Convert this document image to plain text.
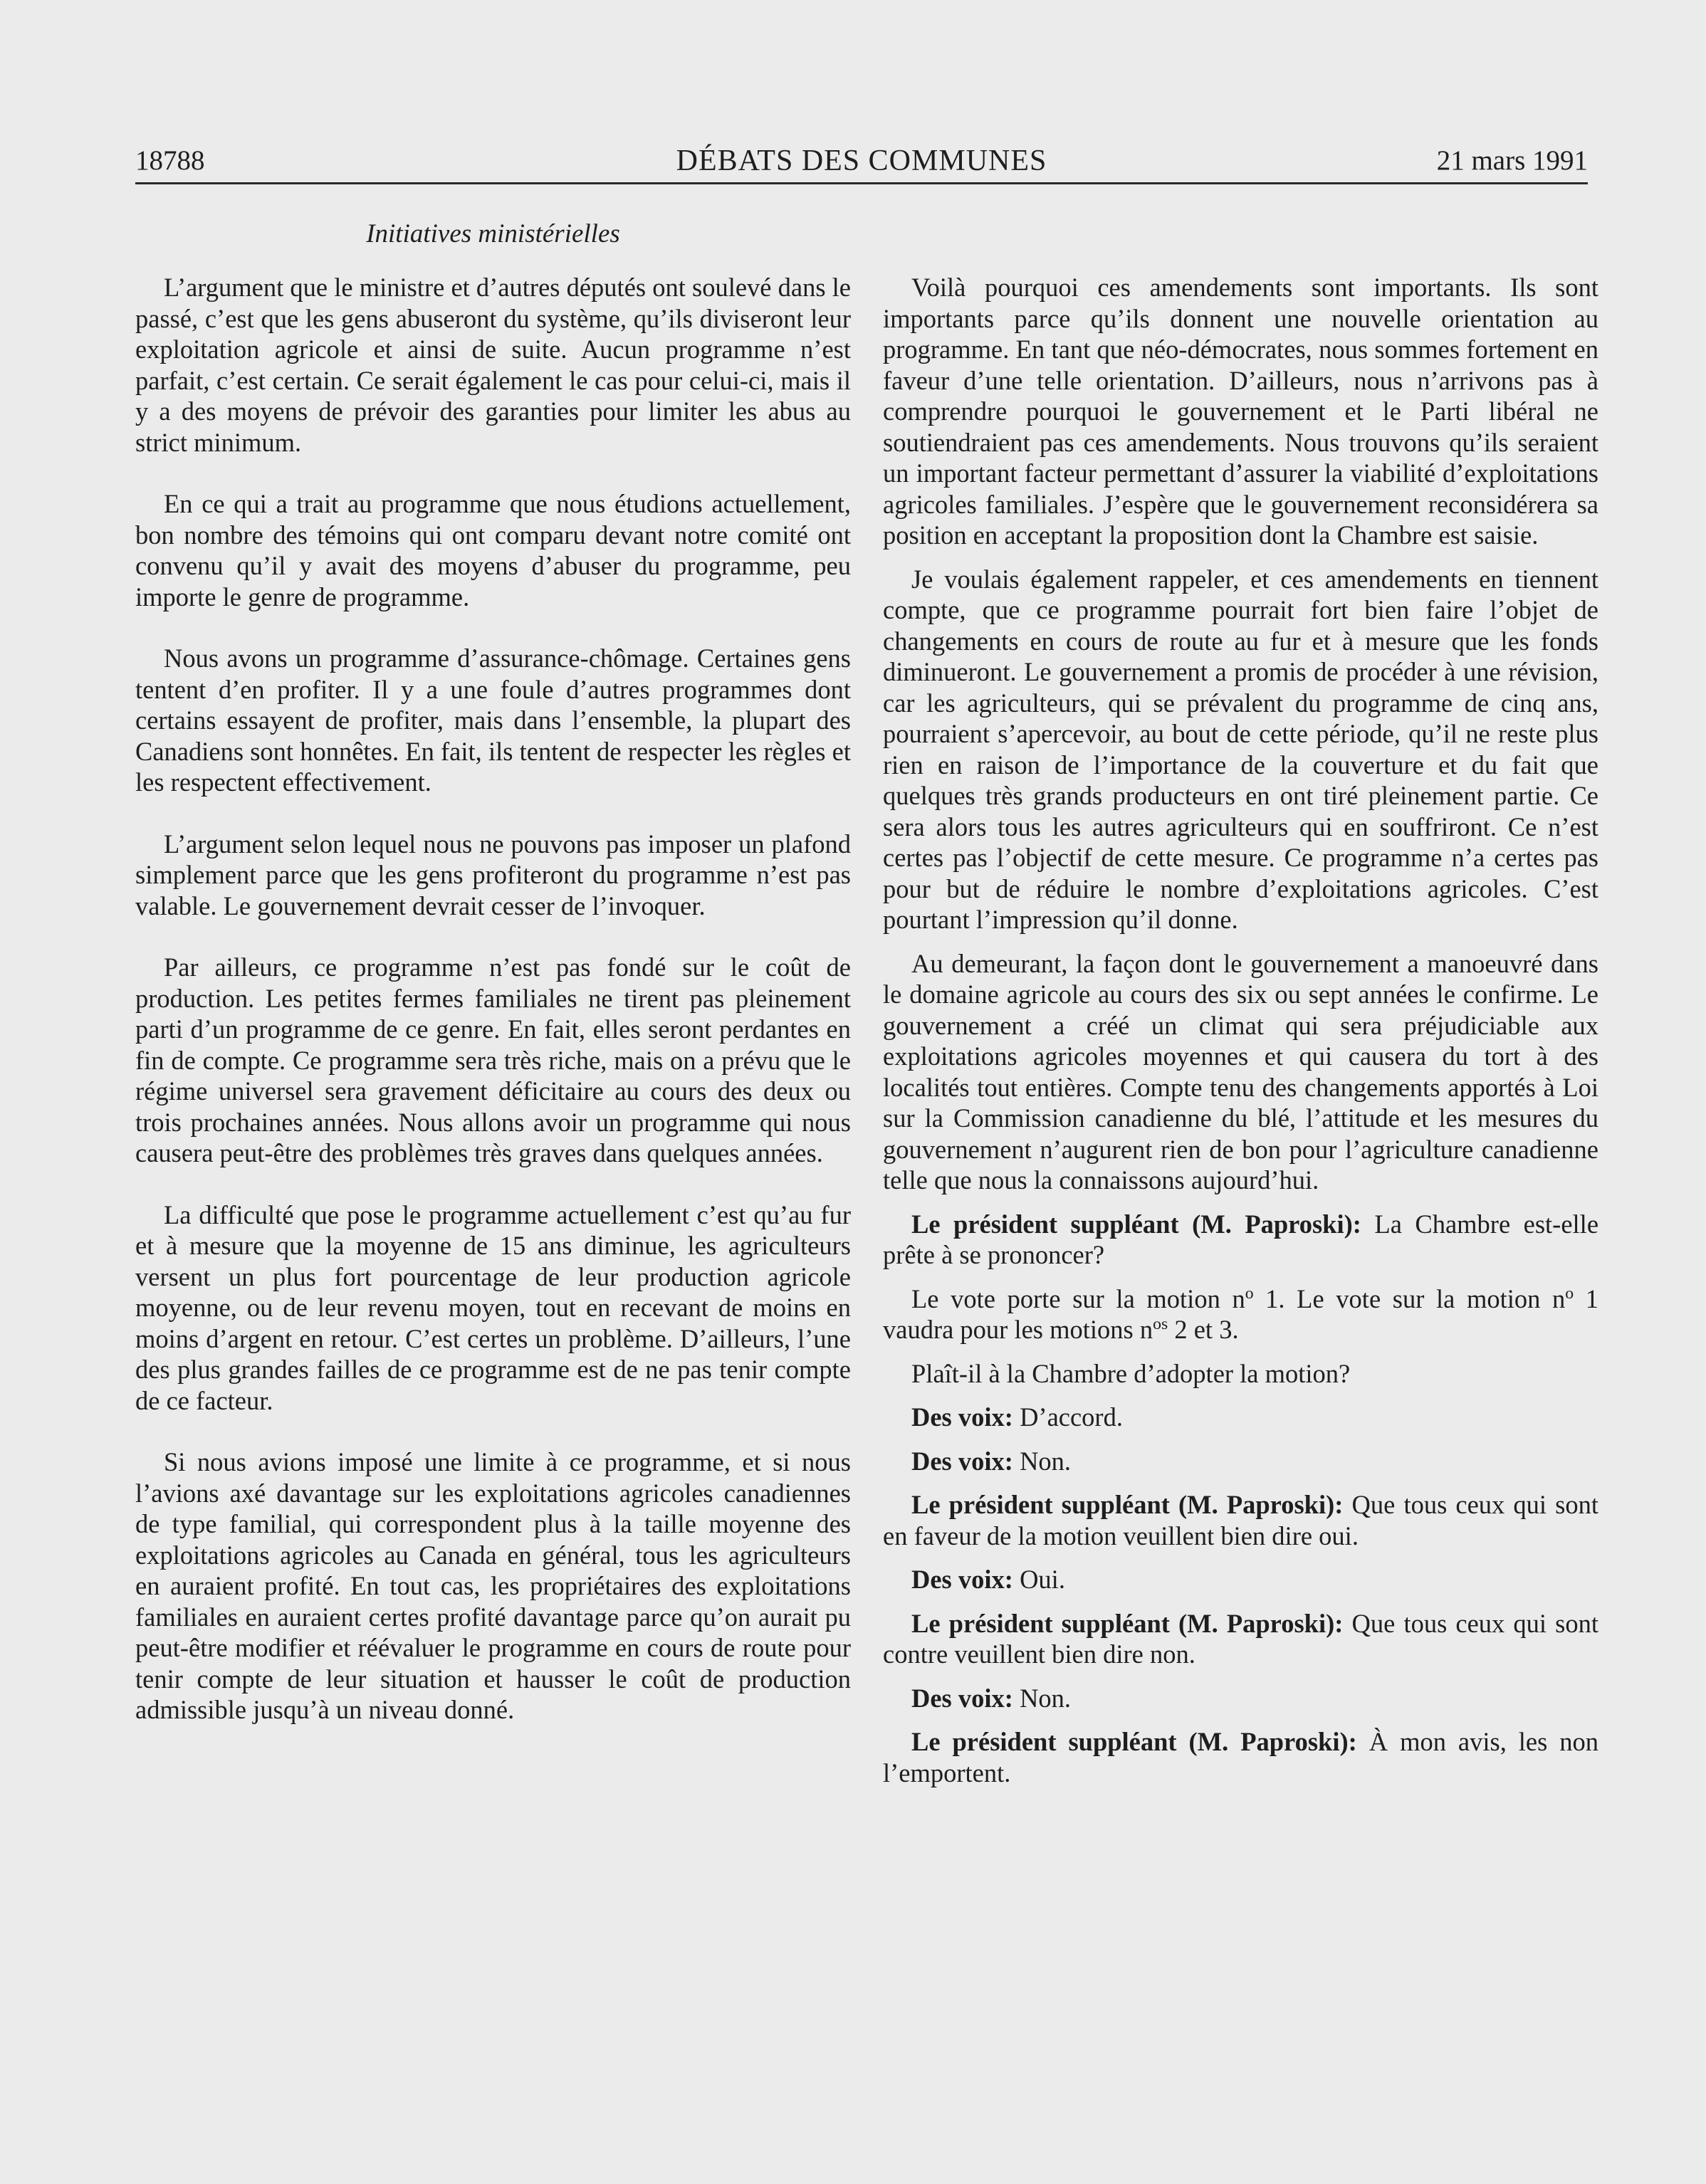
18788	DÉBATS DES COMMUNES	21 mars 1991
Initiatives ministérielles

L’argument que le ministre et d’autres députés ont soulevé dans le passé, c’est que les gens abuseront du système, qu’ils diviseront leur exploitation agricole et ainsi de suite. Aucun programme n’est parfait, c’est certain. Ce serait également le cas pour celui-ci, mais il y a des moyens de prévoir des garanties pour limiter les abus au strict minimum.

En ce qui a trait au programme que nous étudions actuellement, bon nombre des témoins qui ont comparu devant notre comité ont convenu qu’il y avait des moyens d’abuser du programme, peu importe le genre de programme.

Nous avons un programme d’assurance-chômage. Certaines gens tentent d’en profiter. Il y a une foule d’autres programmes dont certains essayent de profiter, mais dans l’ensemble, la plupart des Canadiens sont honnêtes. En fait, ils tentent de respecter les règles et les respectent effectivement.

L’argument selon lequel nous ne pouvons pas imposer un plafond simplement parce que les gens profiteront du programme n’est pas valable. Le gouvernement devrait cesser de l’invoquer.

Par ailleurs, ce programme n’est pas fondé sur le coût de production. Les petites fermes familiales ne tirent pas pleinement parti d’un programme de ce genre. En fait, elles seront perdantes en fin de compte. Ce programme sera très riche, mais on a prévu que le régime universel sera gravement déficitaire au cours des deux ou trois prochaines années. Nous allons avoir un programme qui nous causera peut-être des problèmes très graves dans quelques années.

La difficulté que pose le programme actuellement c’est qu’au fur et à mesure que la moyenne de 15 ans diminue, les agriculteurs versent un plus fort pourcentage de leur production agricole moyenne, ou de leur revenu moyen, tout en recevant de moins en moins d’argent en retour. C’est certes un problème. D’ailleurs, l’une des plus grandes failles de ce programme est de ne pas tenir compte de ce facteur.

Si nous avions imposé une limite à ce programme, et si nous l’avions axé davantage sur les exploitations agricoles canadiennes de type familial, qui correspondent plus à la taille moyenne des exploitations agricoles au Canada en général, tous les agriculteurs en auraient profité. En tout cas, les propriétaires des exploitations familiales en auraient certes profité davantage parce qu’on aurait pu peut-être modifier et réévaluer le programme en cours de route pour tenir compte de leur situation et hausser le coût de production admissible jusqu’à un niveau donné.

Voilà pourquoi ces amendements sont importants. Ils sont importants parce qu’ils donnent une nouvelle orientation au programme. En tant que néo-démocrates, nous sommes fortement en faveur d’une telle orientation. D’ailleurs, nous n’arrivons pas à comprendre pourquoi le gouvernement et le Parti libéral ne soutiendraient pas ces amendements. Nous trouvons qu’ils seraient un important facteur permettant d’assurer la viabilité d’exploitations agricoles familiales. J’espère que le gouvernement reconsidérera sa position en acceptant la proposition dont la Chambre est saisie.

Je voulais également rappeler, et ces amendements en tiennent compte, que ce programme pourrait fort bien faire l’objet de changements en cours de route au fur et à mesure que les fonds diminueront. Le gouvernement a promis de procéder à une révision, car les agriculteurs, qui se prévalent du programme de cinq ans, pourraient s’apercevoir, au bout de cette période, qu’il ne reste plus rien en raison de l’importance de la couverture et du fait que quelques très grands producteurs en ont tiré pleinement partie. Ce sera alors tous les autres agriculteurs qui en souffriront. Ce n’est certes pas l’objectif de cette mesure. Ce programme n’a certes pas pour but de réduire le nombre d’exploitations agricoles. C’est pourtant l’impression qu’il donne.

Au demeurant, la façon dont le gouvernement a manoeuvré dans le domaine agricole au cours des six ou sept années le confirme. Le gouvernement a créé un climat qui sera préjudiciable aux exploitations agricoles moyennes et qui causera du tort à des localités tout entières. Compte tenu des changements apportés à Loi sur la Commission canadienne du blé, l’attitude et les mesures du gouvernement n’augurent rien de bon pour l’agriculture canadienne telle que nous la connaissons aujourd’hui.

Le président suppléant (M. Paproski): La Chambre est-elle prête à se prononcer?

Le vote porte sur la motion $n^o$ 1. Le vote sur la motion $n^o$ 1 vaudra pour les motions $n^{os}$ 2 et 3.

Plaît-il à la Chambre d’adopter la motion?

Des voix: D’accord.

Des voix: Non.

Le président suppléant (M. Paproski): Que tous ceux qui sont en faveur de la motion veuillent bien dire oui.

Des voix: Oui.

Le président suppléant (M. Paproski): Que tous ceux qui sont contre veuillent bien dire non.

Des voix: Non.

Le président suppléant (M. Paproski): À mon avis, les non l’emportent.
